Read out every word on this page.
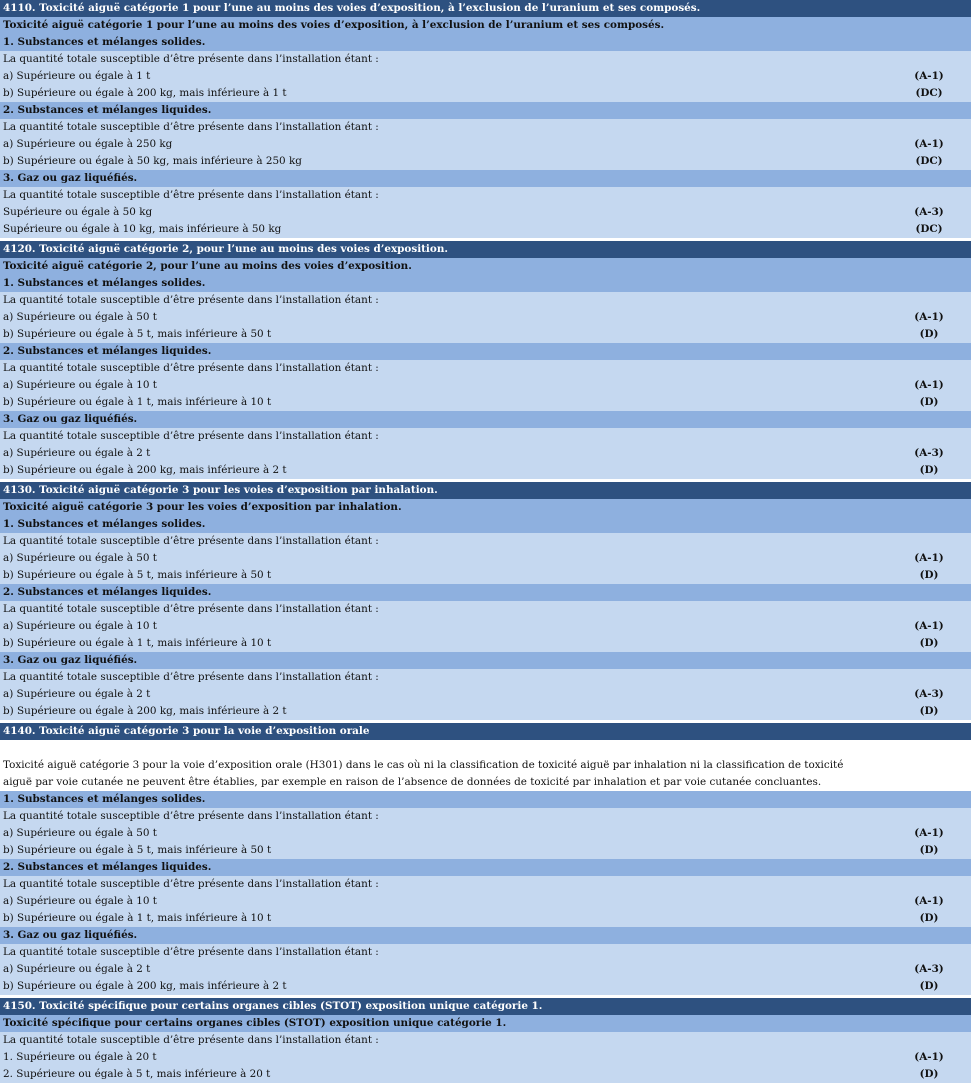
4110. Toxicité aiguë catégorie 1 pour l’une au moins des voies d’exposition, à l’exclusion de l’uranium et ses composés.
Toxicité aiguë catégorie 1 pour l’une au moins des voies d’exposition, à l’exclusion de l’uranium et ses composés.
1. Substances et mélanges solides.
La quantité totale susceptible d’être présente dans l’installation étant :
a) Supérieure ou égale à 1 t	(A-1)
b) Supérieure ou égale à 200 kg, mais inférieure à 1 t	(DC)
2. Substances et mélanges liquides.
La quantité totale susceptible d’être présente dans l’installation étant :
a) Supérieure ou égale à 250 kg	(A-1)
b) Supérieure ou égale à 50 kg, mais inférieure à 250 kg	(DC)
3. Gaz ou gaz liquéfiés.
La quantité totale susceptible d’être présente dans l’installation étant :
Supérieure ou égale à 50 kg	(A-3)
Supérieure ou égale à 10 kg, mais inférieure à 50 kg	(DC)
4120. Toxicité aiguë catégorie 2, pour l’une au moins des voies d’exposition.
Toxicité aiguë catégorie 2, pour l’une au moins des voies d’exposition.
1. Substances et mélanges solides.
La quantité totale susceptible d’être présente dans l’installation étant :
a) Supérieure ou égale à 50 t	(A-1)
b) Supérieure ou égale à 5 t, mais inférieure à 50 t	(D)
2. Substances et mélanges liquides.
La quantité totale susceptible d’être présente dans l’installation étant :
a) Supérieure ou égale à 10 t	(A-1)
b) Supérieure ou égale à 1 t, mais inférieure à 10 t	(D)
3. Gaz ou gaz liquéfiés.
La quantité totale susceptible d’être présente dans l’installation étant :
a) Supérieure ou égale à 2 t	(A-3)
b) Supérieure ou égale à 200 kg, mais inférieure à 2 t	(D)
4130. Toxicité aiguë catégorie 3 pour les voies d’exposition par inhalation.
Toxicité aiguë catégorie 3 pour les voies d’exposition par inhalation.
1. Substances et mélanges solides.
La quantité totale susceptible d’être présente dans l’installation étant :
a) Supérieure ou égale à 50 t	(A-1)
b) Supérieure ou égale à 5 t, mais inférieure à 50 t	(D)
2. Substances et mélanges liquides.
La quantité totale susceptible d’être présente dans l’installation étant :
a) Supérieure ou égale à 10 t	(A-1)
b) Supérieure ou égale à 1 t, mais inférieure à 10 t	(D)
3. Gaz ou gaz liquéfiés.
La quantité totale susceptible d’être présente dans l’installation étant :
a) Supérieure ou égale à 2 t	(A-3)
b) Supérieure ou égale à 200 kg, mais inférieure à 2 t	(D)
4140. Toxicité aiguë catégorie 3 pour la voie d’exposition orale
Toxicité aiguë catégorie 3 pour la voie d’exposition orale (H301) dans le cas où ni la classification de toxicité aiguë par inhalation ni la classification de toxicité aiguë par voie cutanée ne peuvent être établies, par exemple en raison de l’absence de données de toxicité par inhalation et par voie cutanée concluantes.
1. Substances et mélanges solides.
La quantité totale susceptible d’être présente dans l’installation étant :
a) Supérieure ou égale à 50 t	(A-1)
b) Supérieure ou égale à 5 t, mais inférieure à 50 t	(D)
2. Substances et mélanges liquides.
La quantité totale susceptible d’être présente dans l’installation étant :
a) Supérieure ou égale à 10 t	(A-1)
b) Supérieure ou égale à 1 t, mais inférieure à 10 t	(D)
3. Gaz ou gaz liquéfiés.
La quantité totale susceptible d’être présente dans l’installation étant :
a) Supérieure ou égale à 2 t	(A-3)
b) Supérieure ou égale à 200 kg, mais inférieure à 2 t	(D)
4150. Toxicité spécifique pour certains organes cibles (STOT) exposition unique catégorie 1.
Toxicité spécifique pour certains organes cibles (STOT) exposition unique catégorie 1.
La quantité totale susceptible d’être présente dans l’installation étant :
1. Supérieure ou égale à 20 t	(A-1)
2. Supérieure ou égale à 5 t, mais inférieure à 20 t	(D)
